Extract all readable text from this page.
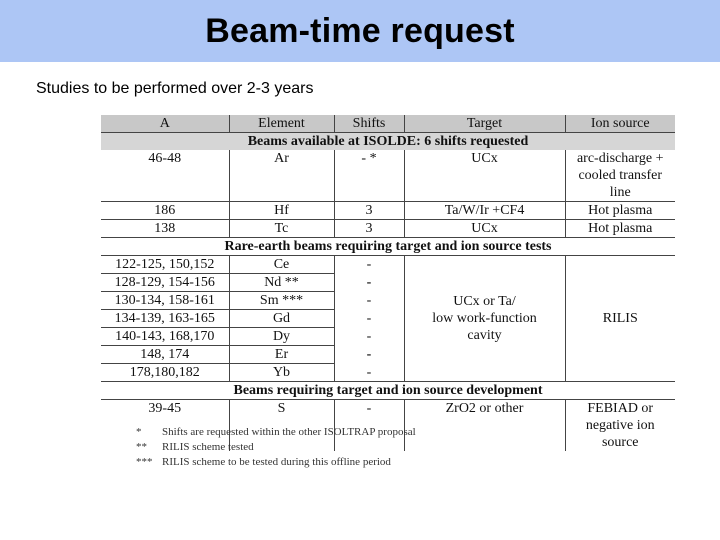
Beam-time request
Studies to be performed over 2-3 years
A	Element	Shifts	Target	Ion source
Beams available at ISOLDE: 6 shifts requested				
46-48	Ar	- *	UCx	arc-discharge +
cooled transfer line

186	Hf	3	Ta/W/Ir +CF4	Hot plasma
138	Tc	3	UCx	Hot plasma
Rare-earth beams requiring target and ion source tests				
122-125, 150,152	Ce	-	UCx or Ta/
low work-function
cavity	RILIS
128-129, 154-156	Nd **	-		
130-134, 158-161	Sm ***	-		
134-139, 163-165	Gd	-		
140-143, 168,170	Dy	-		
148, 174	Er	-		
178,180,182	Yb	-		
Beams requiring target and ion source development				
39-45	S	-	ZrO2 or other	FEBIAD or
negative ion source
*	Shifts are requested within the other ISOLTRAP proposal
**	RILIS scheme tested
*** RILIS scheme to be tested during this offline period
